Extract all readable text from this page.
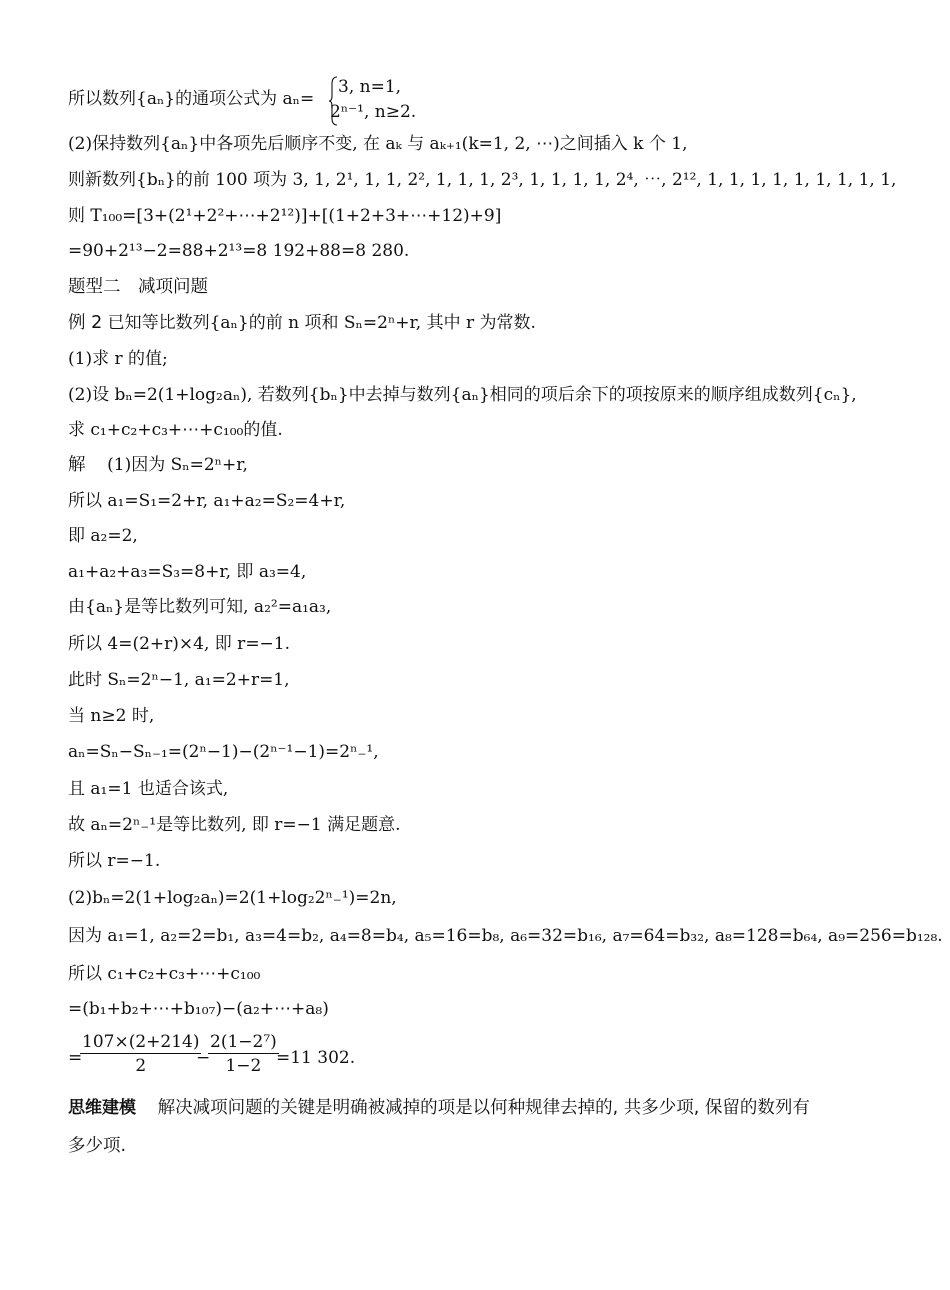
所以数列{aₙ}的通项公式为 aₙ=
3, n=1,
2ⁿ⁻¹, n≥2.
(2)保持数列{aₙ}中各项先后顺序不变, 在 aₖ 与 aₖ₊₁(k=1, 2, ⋯)之间插入 k 个 1,
则新数列{bₙ}的前 100 项为 3, 1, 2¹, 1, 1, 2², 1, 1, 1, 2³, 1, 1, 1, 1, 2⁴, ⋯, 2¹², 1, 1, 1, 1, 1, 1, 1, 1, 1,
则 T₁₀₀=[3+(2¹+2²+⋯+2¹²)]+[(1+2+3+⋯+12)+9]
=90+2¹³−2=88+2¹³=8 192+88=8 280.
题型二　减项问题
例 2 已知等比数列{aₙ}的前 n 项和 Sₙ=2ⁿ+r, 其中 r 为常数.
(1)求 r 的值;
(2)设 bₙ=2(1+log₂aₙ), 若数列{bₙ}中去掉与数列{aₙ}相同的项后余下的项按原来的顺序组成数列{cₙ},
求 c₁+c₂+c₃+⋯+c₁₀₀的值.
解 (1)因为 Sₙ=2ⁿ+r,
所以 a₁=S₁=2+r, a₁+a₂=S₂=4+r,
即 a₂=2,
a₁+a₂+a₃=S₃=8+r, 即 a₃=4,
由{aₙ}是等比数列可知, a₂²=a₁a₃,
所以 4=(2+r)×4, 即 r=−1.
此时 Sₙ=2ⁿ−1, a₁=2+r=1,
当 n≥2 时,
aₙ=Sₙ−Sₙ₋₁=(2ⁿ−1)−(2ⁿ⁻¹−1)=2ⁿ₋¹,
且 a₁=1 也适合该式,
故 aₙ=2ⁿ₋¹是等比数列, 即 r=−1 满足题意.
所以 r=−1.
(2)bₙ=2(1+log₂aₙ)=2(1+log₂2ⁿ₋¹)=2n,
因为 a₁=1, a₂=2=b₁, a₃=4=b₂, a₄=8=b₄, a₅=16=b₈, a₆=32=b₁₆, a₇=64=b₃₂, a₈=128=b₆₄, a₉=256=b₁₂₈.
所以 c₁+c₂+c₃+⋯+c₁₀₀
=(b₁+b₂+⋯+b₁₀₇)−(a₂+⋯+a₈)
=
$\frac{107\times(2+214)}{2}$
−
$\frac{\text{2(1−2⁷)}}{1-2}$
=11 302.
思维建模 解决减项问题的关键是明确被减掉的项是以何种规律去掉的, 共多少项, 保留的数列有
多少项.
